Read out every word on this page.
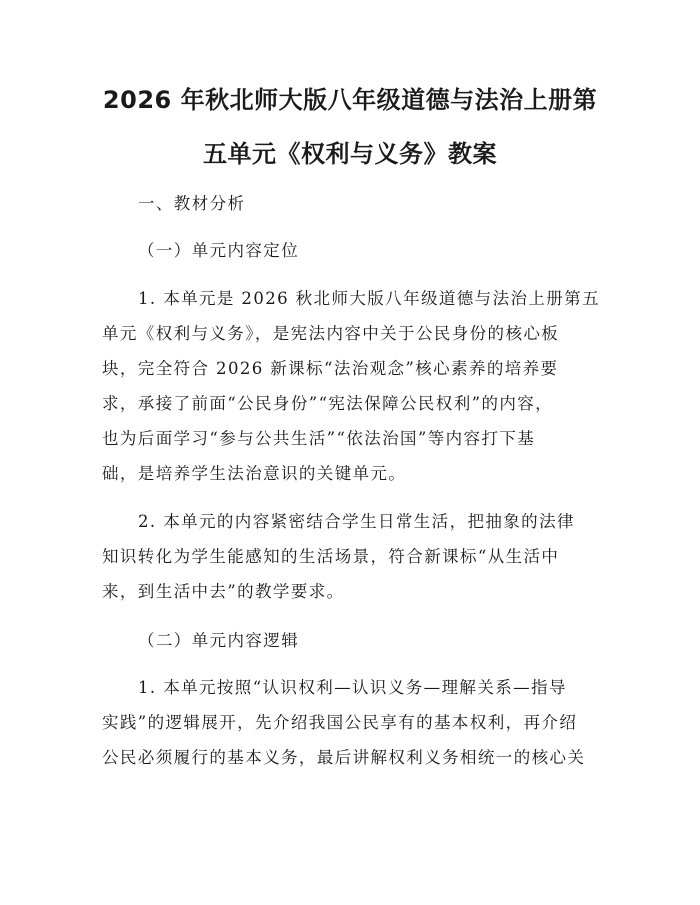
2026 年秋北师大版八年级道德与法治上册第
五单元《权利与义务》教案
一、教材分析
（一）单元内容定位
1. 本单元是 2026 秋北师大版八年级道德与法治上册第五
单元《权利与义务》，是宪法内容中关于公民身份的核心板
块，完全符合 2026 新课标“法治观念”核心素养的培养要
求，承接了前面“公民身份”“宪法保障公民权利”的内容，
也为后面学习“参与公共生活”“依法治国”等内容打下基
础，是培养学生法治意识的关键单元。
2. 本单元的内容紧密结合学生日常生活，把抽象的法律
知识转化为学生能感知的生活场景，符合新课标“从生活中
来，到生活中去”的教学要求。
（二）单元内容逻辑
1. 本单元按照“认识权利—认识义务—理解关系—指导
实践”的逻辑展开，先介绍我国公民享有的基本权利，再介绍
公民必须履行的基本义务，最后讲解权利义务相统一的核心关
